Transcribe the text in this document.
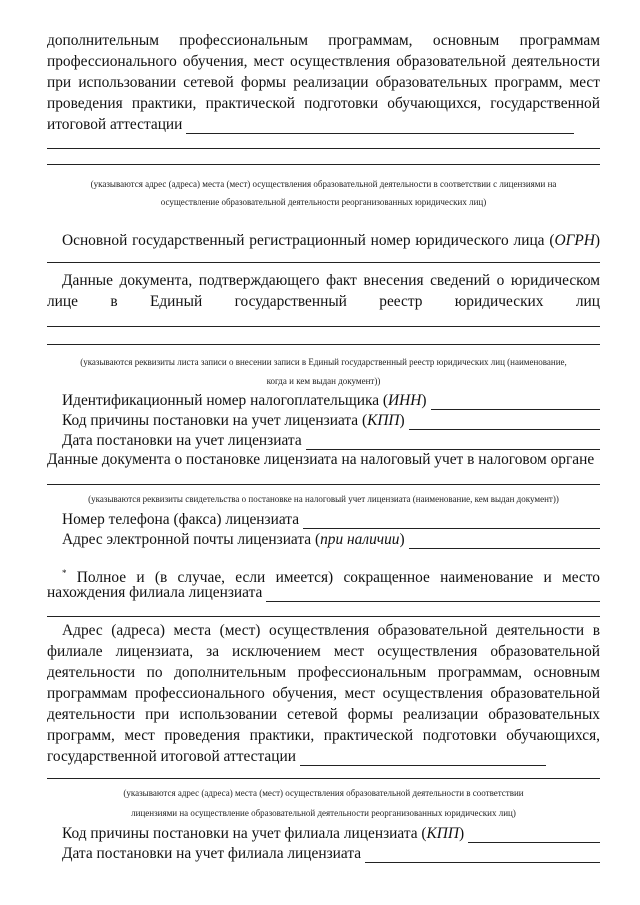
дополнительным профессиональным программам, основным программам

профессионального обучения, мест осуществления образовательной деятельности

при использовании сетевой формы реализации образовательных программ, мест

проведения практики, практической подготовки обучающихся, государственной

итоговой аттестации
(указываются адрес (адреса) места (мест) осуществления образовательной деятельности в соответствии с лицензиями на
осуществление образовательной деятельности реорганизованных юридических лиц)

Основной государственный регистрационный номер юридического лица (ОГРН)

Данные документа, подтверждающего факт внесения сведений о юридическом

лице в Единый государственный реестр юридических лиц

(указываются реквизиты листа записи о внесении записи в Единый государственный реестр юридических лиц (наименование,
когда и кем выдан документ))
Идентификационный номер налогоплательщика (ИНН)
Код причины постановки на учет лицензиата (КПП)
Дата постановки на учет лицензиата

Данные документа о постановке лицензиата на налоговый учет в налоговом органе

(указываются реквизиты свидетельства о постановке на налоговый учет лицензиата (наименование, кем выдан документ))
Номер телефона (факса) лицензиата
Адрес электронной почты лицензиата (при наличии)

* Полное и (в случае, если имеется) сокращенное наименование и место

нахождения филиала лицензиата

Адрес (адреса) места (мест) осуществления образовательной деятельности в

филиале лицензиата, за исключением мест осуществления образовательной

деятельности по дополнительным профессиональным программам, основным

программам профессионального обучения, мест осуществления образовательной

деятельности при использовании сетевой формы реализации образовательных

программ, мест проведения практики, практической подготовки обучающихся,

государственной итоговой аттестации
(указываются адрес (адреса) места (мест) осуществления образовательной деятельности в соответствии
лицензиями на осуществление образовательной деятельности реорганизованных юридических лиц)
Код причины постановки на учет филиала лицензиата (КПП)
Дата постановки на учет филиала лицензиата
